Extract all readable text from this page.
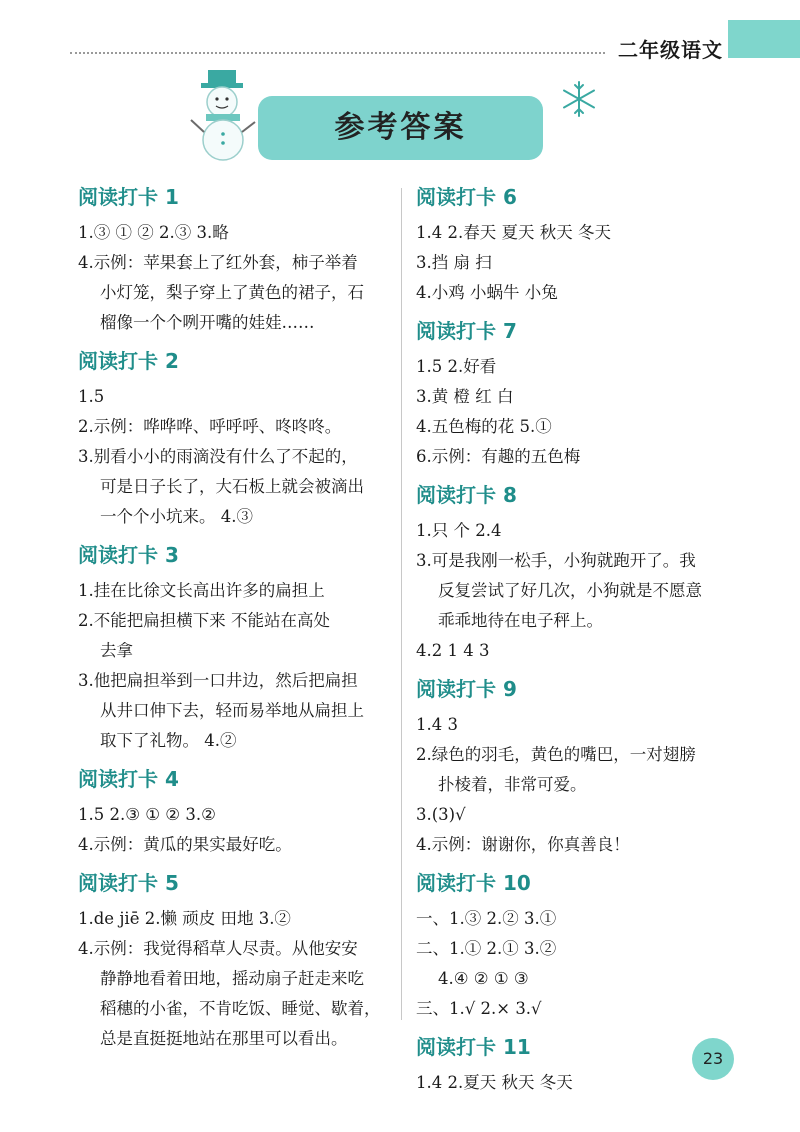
二年级语文
参考答案
阅读打卡 1
1.③ ① ② 2.③ 3.略
4.示例：苹果套上了红外套，柿子举着
小灯笼，梨子穿上了黄色的裙子，石
榴像一个个咧开嘴的娃娃……
阅读打卡 2
1.5
2.示例：哗哗哗、呼呼呼、咚咚咚。
3.别看小小的雨滴没有什么了不起的，
可是日子长了，大石板上就会被滴出
一个个小坑来。 4.③
阅读打卡 3
1.挂在比徐文长高出许多的扁担上
2.不能把扁担横下来 不能站在高处
去拿
3.他把扁担举到一口井边，然后把扁担
从井口伸下去，轻而易举地从扁担上
取下了礼物。 4.②
阅读打卡 4
1.5 2.③ ① ② 3.②
4.示例：黄瓜的果实最好吃。
阅读打卡 5
1.de jiē 2.懒 顽皮 田地 3.②
4.示例：我觉得稻草人尽责。从他安安
静静地看着田地，摇动扇子赶走来吃
稻穗的小雀，不肯吃饭、睡觉、歇着，
总是直挺挺地站在那里可以看出。
阅读打卡 6
1.4 2.春天 夏天 秋天 冬天
3.挡 扇 扫
4.小鸡 小蜗牛 小兔
阅读打卡 7
1.5 2.好看
3.黄 橙 红 白
4.五色梅的花 5.①
6.示例：有趣的五色梅
阅读打卡 8
1.只 个 2.4
3.可是我刚一松手，小狗就跑开了。我
反复尝试了好几次，小狗就是不愿意
乖乖地待在电子秤上。
4.2 1 4 3
阅读打卡 9
1.4 3
2.绿色的羽毛，黄色的嘴巴，一对翅膀
扑棱着，非常可爱。
3.(3)√
4.示例：谢谢你，你真善良！
阅读打卡 10
一、1.③ 2.② 3.①
二、1.① 2.① 3.②
4.④ ② ① ③
三、1.√ 2.× 3.√
阅读打卡 11
1.4 2.夏天 秋天 冬天
23
